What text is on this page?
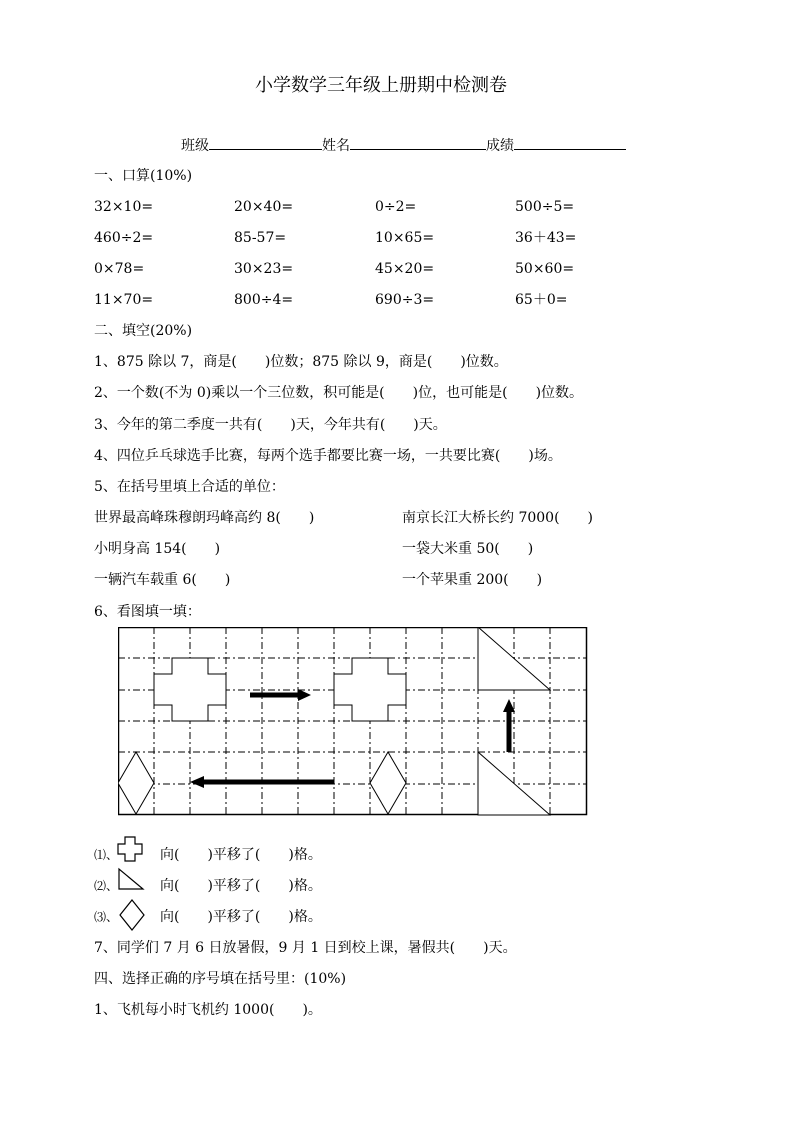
小学数学三年级上册期中检测卷
班级	姓名	成绩
一、口算(10%)
32×10=	20×40=	0÷2=	500÷5=
460÷2=	85-57=	10×65=	36＋43=
0×78=	30×23=	45×20=	50×60=
11×70=	800÷4=	690÷3=	65＋0=
二、填空(20%)
1、875 除以 7，商是(　　)位数；875 除以 9，商是(　　)位数。
2、一个数(不为 0)乘以一个三位数，积可能是(　　)位，也可能是(　　)位数。
3、今年的第二季度一共有(　　)天，今年共有(　　)天。
4、四位乒乓球选手比赛，每两个选手都要比赛一场，一共要比赛(　　)场。
5、在括号里填上合适的单位：
世界最高峰珠穆朗玛峰高约 8(　　)	南京长江大桥长约 7000(　　)
小明身高 154(　　)	一袋大米重 50(　　)
一辆汽车载重 6(　　)	一个苹果重 200(　　)
6、看图填一填：
⑴、	向(　　)平移了(　　)格。
⑵、	向(　　)平移了(　　)格。
⑶、	向(　　)平移了(　　)格。
7、同学们 7 月 6 日放暑假，9 月 1 日到校上课，暑假共(　　)天。
四、选择正确的序号填在括号里：(10%)
1、飞机每小时飞机约 1000(　　)。
